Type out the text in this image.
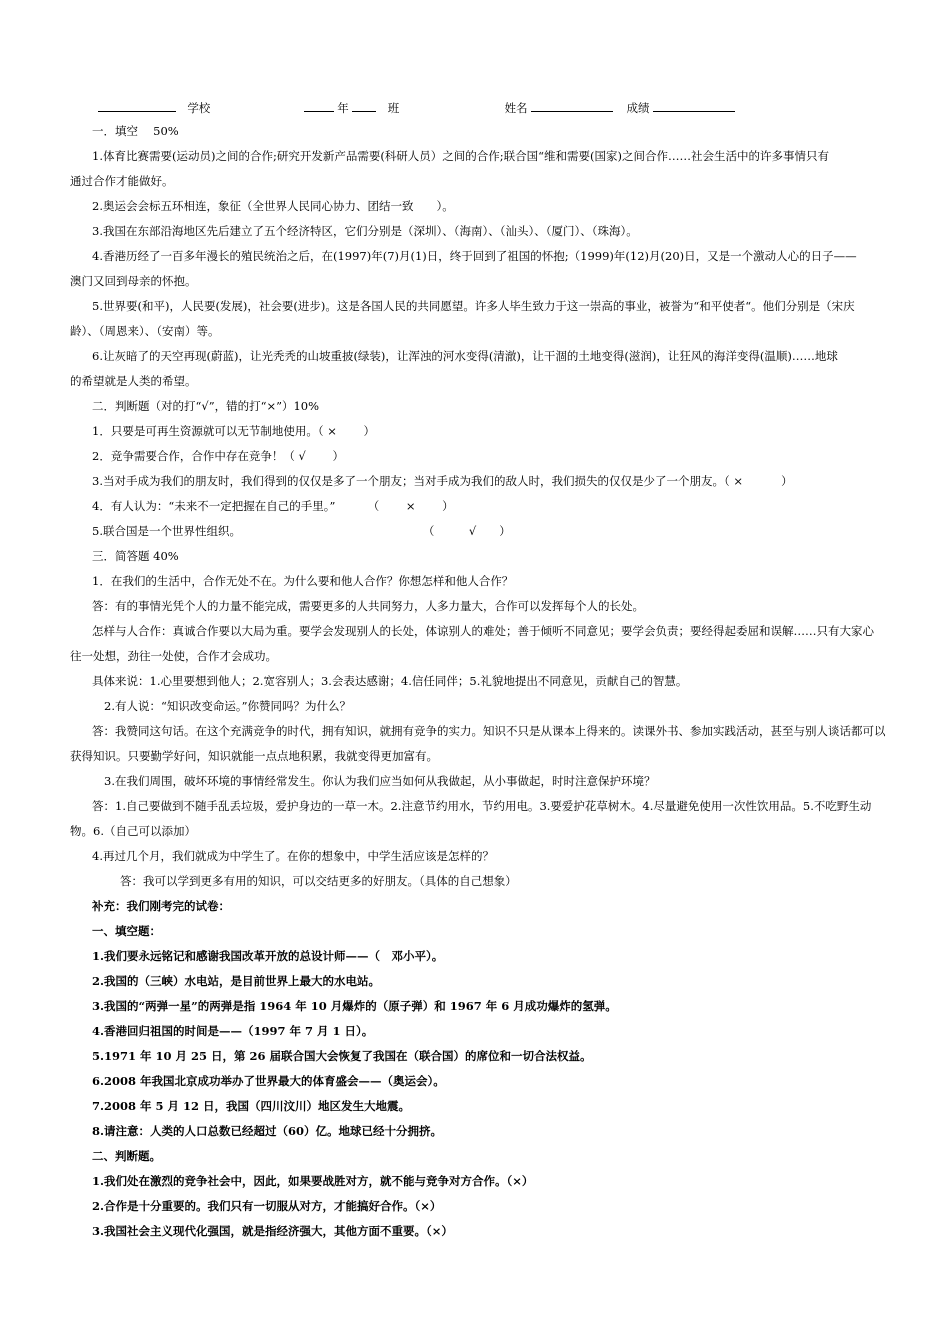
学校	年	班	姓名	成绩
一．填空 　50%
1.体育比赛需要(运动员)之间的合作;研究开发新产品需要(科研人员）之间的合作;联合国“维和需要(国家)之间合作……社会生活中的许多事情只有
通过合作才能做好。
2.奥运会会标五环相连，象征（全世界人民同心协力、团结一致　　）。
3.我国在东部沿海地区先后建立了五个经济特区，它们分别是（深圳）、（海南）、（汕头）、（厦门）、（珠海）。
4.香港历经了一百多年漫长的殖民统治之后，在(1997)年(7)月(1)日，终于回到了祖国的怀抱;（1999)年(12)月(20)日，又是一个激动人心的日子——
澳门又回到母亲的怀抱。
5.世界要(和平)，人民要(发展)，社会要(进步)。这是各国人民的共同愿望。许多人毕生致力于这一崇高的事业，被誉为“和平使者“。他们分别是（宋庆
龄）、（周恩来）、（安南）等。
6.让灰暗了的天空再现(蔚蓝)，让光秃秃的山坡重披(绿装)，让浑浊的河水变得(清澈)，让干涸的土地变得(滋润)，让狂风的海洋变得(温顺)……地球
的希望就是人类的希望。
二．判断题（对的打“√”，错的打“×”）10%
1．只要是可再生资源就可以无节制地使用。（ ×　　 ）
2．竞争需要合作，合作中存在竞争！（ √ 　　）
3.当对手成为我们的朋友时，我们得到的仅仅是多了一个朋友；当对手成为我们的敌人时，我们损失的仅仅是少了一个朋友。（ × 　　　）
4．有人认为：“未来不一定把握在自己的手里。” 　　　（ 　　× 　　）
5.联合国是一个世界性组织。　　　　　　　　　　　　　　　　 （　　　√　　）
三．简答题 40%
1．在我们的生活中，合作无处不在。为什么要和他人合作？你想怎样和他人合作？
答：有的事情光凭个人的力量不能完成，需要更多的人共同努力，人多力量大，合作可以发挥每个人的长处。
怎样与人合作：真诚合作要以大局为重。要学会发现别人的长处，体谅别人的难处；善于倾听不同意见；要学会负责；要经得起委屈和误解……只有大家心
往一处想，劲往一处使，合作才会成功。
具体来说：1.心里要想到他人；2.宽容别人；3.会表达感谢；4.信任同伴；5.礼貌地提出不同意见，贡献自己的智慧。
2.有人说：“知识改变命运。”你赞同吗？为什么？
答：我赞同这句话。在这个充满竞争的时代，拥有知识，就拥有竞争的实力。知识不只是从课本上得来的。读课外书、参加实践活动，甚至与别人谈话都可以
获得知识。只要勤学好问，知识就能一点点地积累，我就变得更加富有。
3.在我们周围，破坏环境的事情经常发生。你认为我们应当如何从我做起，从小事做起，时时注意保护环境？
答：1.自己要做到不随手乱丢垃圾，爱护身边的一草一木。2.注意节约用水，节约用电。3.要爱护花草树木。4.尽量避免使用一次性饮用品。5.不吃野生动
物。6.（自己可以添加）
4.再过几个月，我们就成为中学生了。在你的想象中，中学生活应该是怎样的？
答：我可以学到更多有用的知识，可以交结更多的好朋友。（具体的自己想象）
补充：我们刚考完的试卷：
一、填空题：
1.我们要永远铭记和感谢我国改革开放的总设计师——（　邓小平）。
2.我国的（三峡）水电站，是目前世界上最大的水电站。
3.我国的“两弹一星”的两弹是指 1964 年 10 月爆炸的（原子弹）和 1967 年 6 月成功爆炸的氢弹。
4.香港回归祖国的时间是——（1997 年 7 月 1 日）。
5.1971 年 10 月 25 日，第 26 届联合国大会恢复了我国在（联合国）的席位和一切合法权益。
6.2008 年我国北京成功举办了世界最大的体育盛会——（奥运会）。
7.2008 年 5 月 12 日，我国（四川汶川）地区发生大地震。
8.请注意：人类的人口总数已经超过（60）亿。地球已经十分拥挤。
二、判断题。
1.我们处在激烈的竞争社会中，因此，如果要战胜对方，就不能与竞争对方合作。（×）
2.合作是十分重要的。我们只有一切服从对方，才能搞好合作。（×）
3.我国社会主义现代化强国，就是指经济强大，其他方面不重要。（×）
